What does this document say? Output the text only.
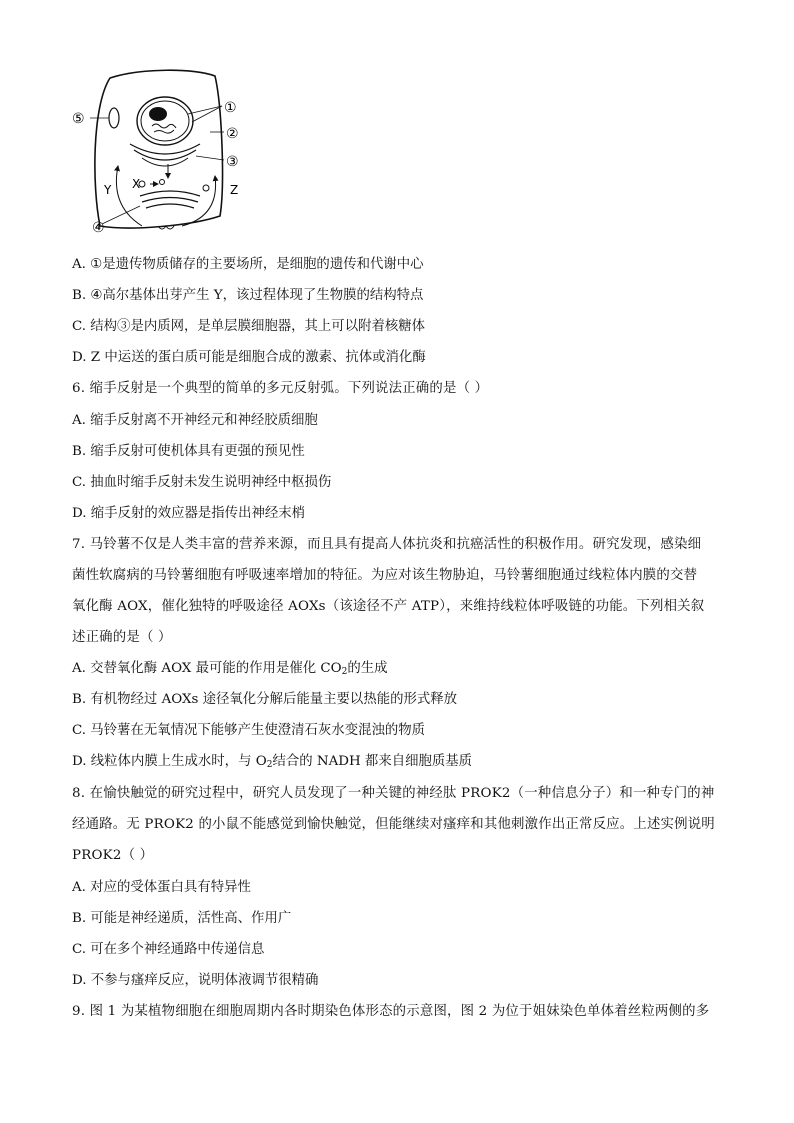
①
②
③
④
⑤
X
Y	Z
A. ①是遗传物质储存的主要场所，是细胞的遗传和代谢中心
B. ④高尔基体出芽产生 Y，该过程体现了生物膜的结构特点
C. 结构③是内质网，是单层膜细胞器，其上可以附着核糖体
D. Z 中运送的蛋白质可能是细胞合成的激素、抗体或消化酶
6. 缩手反射是一个典型的简单的多元反射弧。下列说法正确的是（ ）
A. 缩手反射离不开神经元和神经胶质细胞
B. 缩手反射可使机体具有更强的预见性
C. 抽血时缩手反射未发生说明神经中枢损伤
D. 缩手反射的效应器是指传出神经末梢
7. 马铃薯不仅是人类丰富的营养来源，而且具有提高人体抗炎和抗癌活性的积极作用。研究发现，感染细
菌性软腐病的马铃薯细胞有呼吸速率增加的特征。为应对该生物胁迫，马铃薯细胞通过线粒体内膜的交替
氧化酶 AOX，催化独特的呼吸途径 AOXs（该途径不产 ATP），来维持线粒体呼吸链的功能。下列相关叙
述正确的是（ ）
A. 交替氧化酶 AOX 最可能的作用是催化 $CO_2$的生成
B. 有机物经过 AOXs 途径氧化分解后能量主要以热能的形式释放
C. 马铃薯在无氧情况下能够产生使澄清石灰水变混浊的物质
D. 线粒体内膜上生成水时，与 $O_2$结合的 NADH 都来自细胞质基质
8. 在愉快触觉的研究过程中，研究人员发现了一种关键的神经肽 PROK2（一种信息分子）和一种专门的神
经通路。无 PROK2 的小鼠不能感觉到愉快触觉，但能继续对瘙痒和其他刺激作出正常反应。上述实例说明
PROK2（ ）
A. 对应的受体蛋白具有特异性
B. 可能是神经递质，活性高、作用广
C. 可在多个神经通路中传递信息
D. 不参与瘙痒反应，说明体液调节很精确
9. 图 1 为某植物细胞在细胞周期内各时期染色体形态的示意图，图 2 为位于姐妹染色单体着丝粒两侧的多
